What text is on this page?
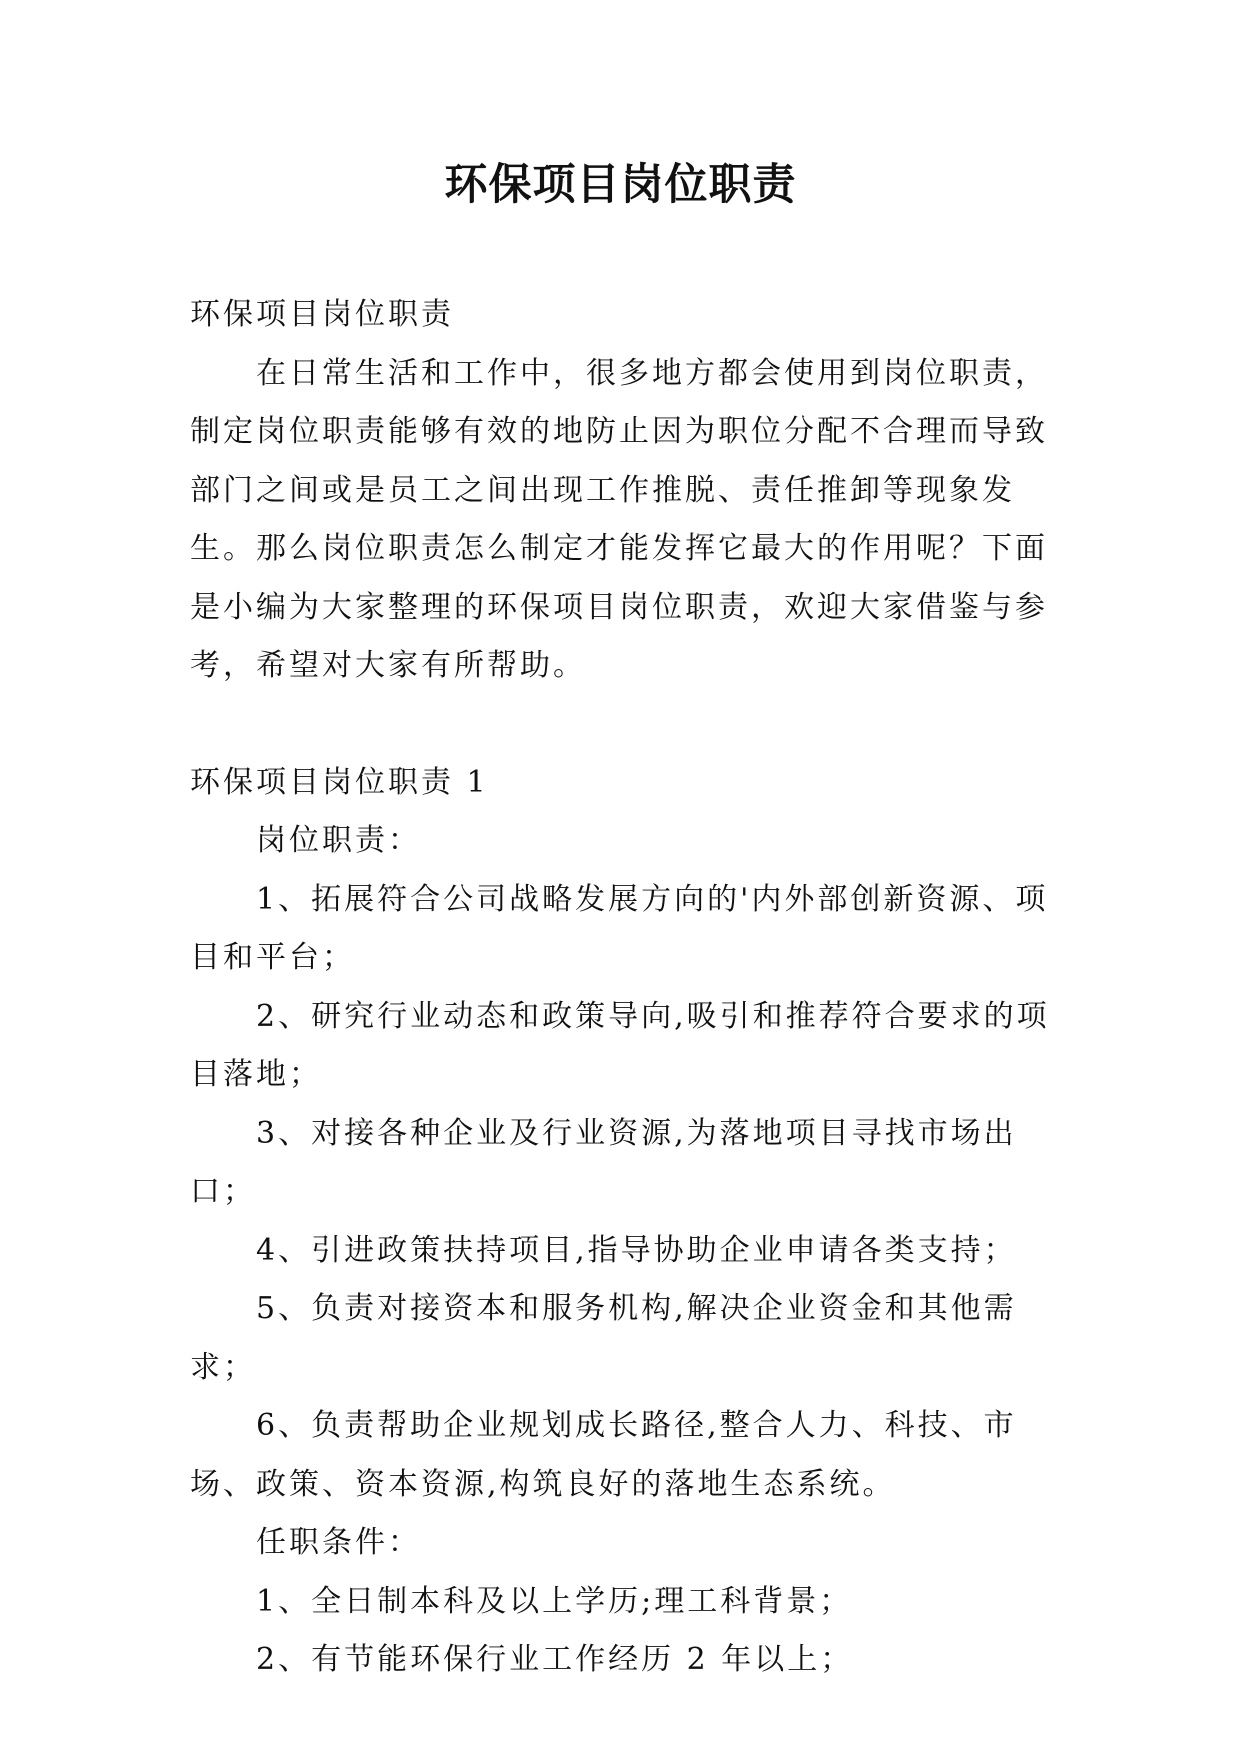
环保项目岗位职责

环保项目岗位职责

在日常生活和工作中，很多地方都会使用到岗位职责，制定岗位职责能够有效的地防止因为职位分配不合理而导致部门之间或是员工之间出现工作推脱、责任推卸等现象发生。那么岗位职责怎么制定才能发挥它最大的作用呢？下面是小编为大家整理的环保项目岗位职责，欢迎大家借鉴与参考，希望对大家有所帮助。

环保项目岗位职责 1

岗位职责：

1、拓展符合公司战略发展方向的'内外部创新资源、项目和平台；

2、研究行业动态和政策导向,吸引和推荐符合要求的项目落地；

3、对接各种企业及行业资源,为落地项目寻找市场出口；

4、引进政策扶持项目,指导协助企业申请各类支持；

5、负责对接资本和服务机构,解决企业资金和其他需求；

6、负责帮助企业规划成长路径,整合人力、科技、市场、政策、资本资源,构筑良好的落地生态系统。

任职条件：

1、全日制本科及以上学历;理工科背景；

2、有节能环保行业工作经历 2 年以上；
